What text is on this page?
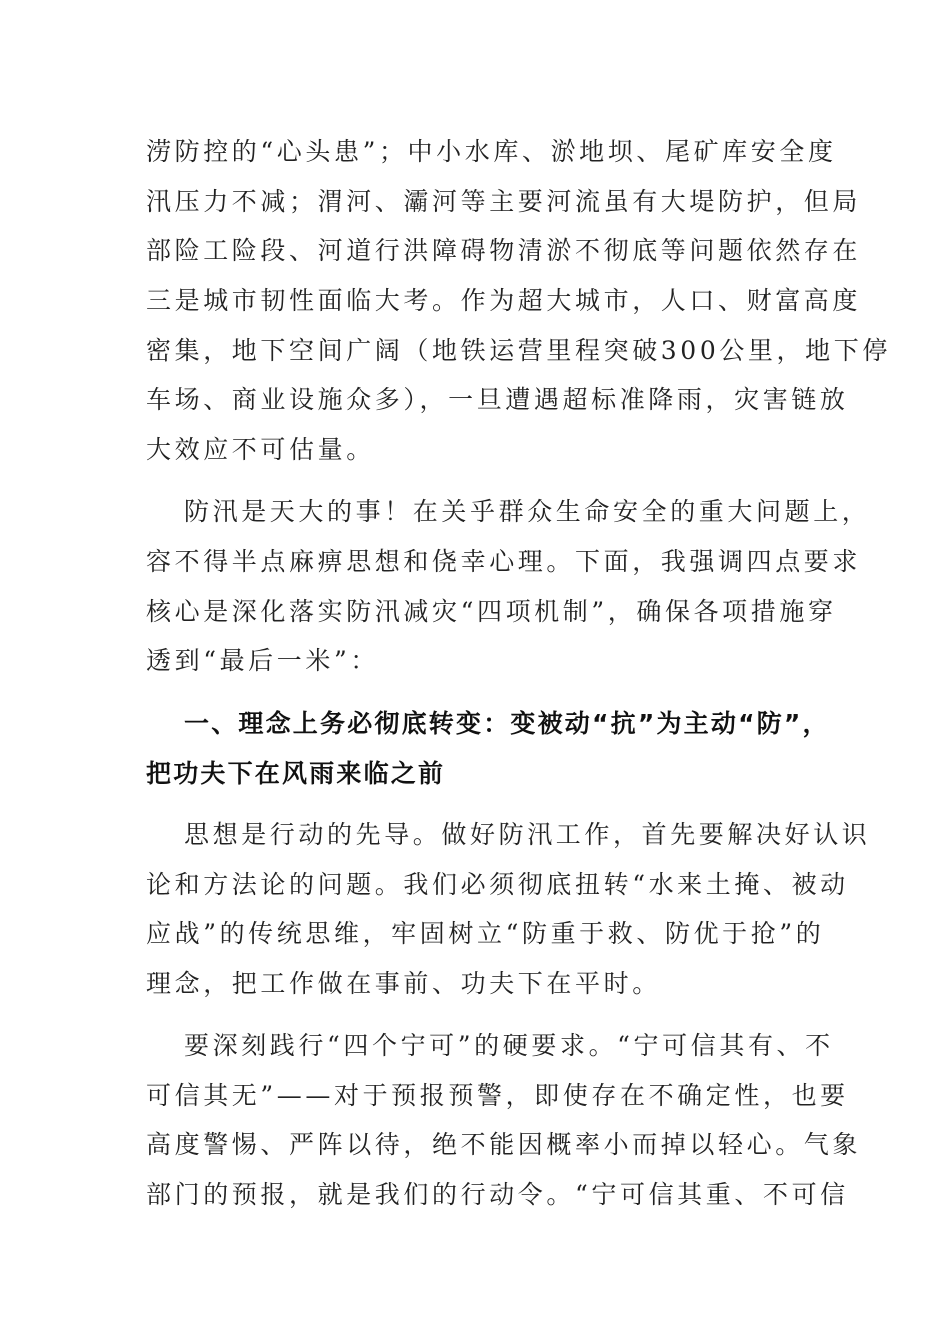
涝防控的“心头患”；中小水库、淤地坝、尾矿库安全度
汛压力不减；渭河、灞河等主要河流虽有大堤防护，但局
部险工险段、河道行洪障碍物清淤不彻底等问题依然存在
三是城市韧性面临大考。作为超大城市，人口、财富高度
密集，地下空间广阔（地铁运营里程突破300公里，地下停
车场、商业设施众多），一旦遭遇超标准降雨，灾害链放
大效应不可估量。
防汛是天大的事！在关乎群众生命安全的重大问题上，
容不得半点麻痹思想和侥幸心理。下面，我强调四点要求
核心是深化落实防汛减灾“四项机制”，确保各项措施穿
透到“最后一米”：
一、理念上务必彻底转变：变被动“抗”为主动“防”，
把功夫下在风雨来临之前
思想是行动的先导。做好防汛工作，首先要解决好认识
论和方法论的问题。我们必须彻底扭转“水来土掩、被动
应战”的传统思维，牢固树立“防重于救、防优于抢”的
理念，把工作做在事前、功夫下在平时。
要深刻践行“四个宁可”的硬要求。“宁可信其有、不
可信其无”——对于预报预警，即使存在不确定性，也要
高度警惕、严阵以待，绝不能因概率小而掉以轻心。气象
部门的预报，就是我们的行动令。“宁可信其重、不可信
